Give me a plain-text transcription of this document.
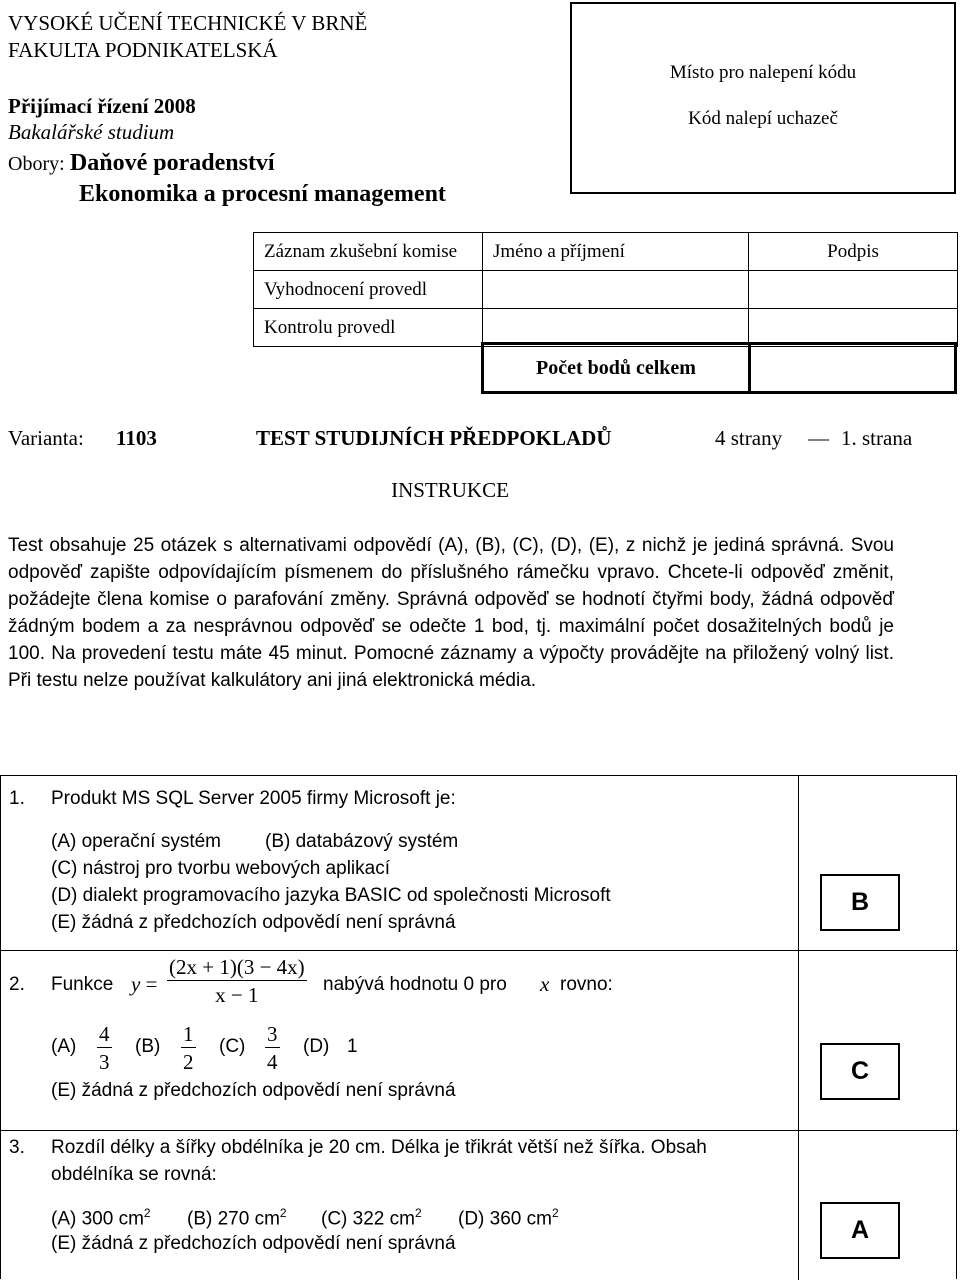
VYSOKÉ UČENÍ TECHNICKÉ V BRNĚ
FAKULTA PODNIKATELSKÁ
Přijímací řízení 2008
Bakalářské studium
Obory: Daňové poradenství
Ekonomika a procesní management
Místo pro nalepení kódu
Kód nalepí uchazeč
Záznam zkušební komise	Jméno a příjmení	Podpis
Vyhodnocení provedl		
Kontrolu provedl		
Počet bodů celkem
Varianta: 1103	TEST STUDIJNÍCH PŘEDPOKLADŮ	4 strany — 1. strana
INSTRUKCE
Test obsahuje 25 otázek s alternativami odpovědí (A), (B), (C), (D), (E), z nichž je jediná správná. Svou odpověď zapište odpovídajícím písmenem do příslušného rámečku vpravo. Chcete-li odpověď změnit, požádejte člena komise o parafování změny. Správná odpověď se hodnotí čtyřmi body, žádná odpověď žádným bodem a za nesprávnou odpověď se odečte 1 bod, tj. maximální počet dosažitelných bodů je 100. Na provedení testu máte 45 minut. Pomocné záznamy a výpočty provádějte na přiložený volný list. Při testu nelze používat kalkulátory ani jiná elektronická média.
1. Produkt MS SQL Server 2005 firmy Microsoft je:
(A) operační systém (B) databázový systém
(C) nástroj pro tvorbu webových aplikací
(D) dialekt programovacího jazyka BASIC od společnosti Microsoft
(E) žádná z předchozích odpovědí není správná
B
2. Funkce $y = \frac{(2x + 1)(3 - 4x)}{x - 1}$ nabývá hodnotu 0 pro x rovno:
$(A) \frac{4}{3} (B) \frac{1}{2} (C) \frac{3}{4} (D)$ 1
(E) žádná z předchozích odpovědí není správná
C
3. Rozdíl délky a šířky obdélníka je 20 cm. Délka je třikrát větší než šířka. Obsah
obdélníka se rovná:
(A) 300 $cm^2$ (B) 270 $cm^2$ (C) 322 $cm^2$ (D) 360 $cm^2$
(E) žádná z předchozích odpovědí není správná	A
